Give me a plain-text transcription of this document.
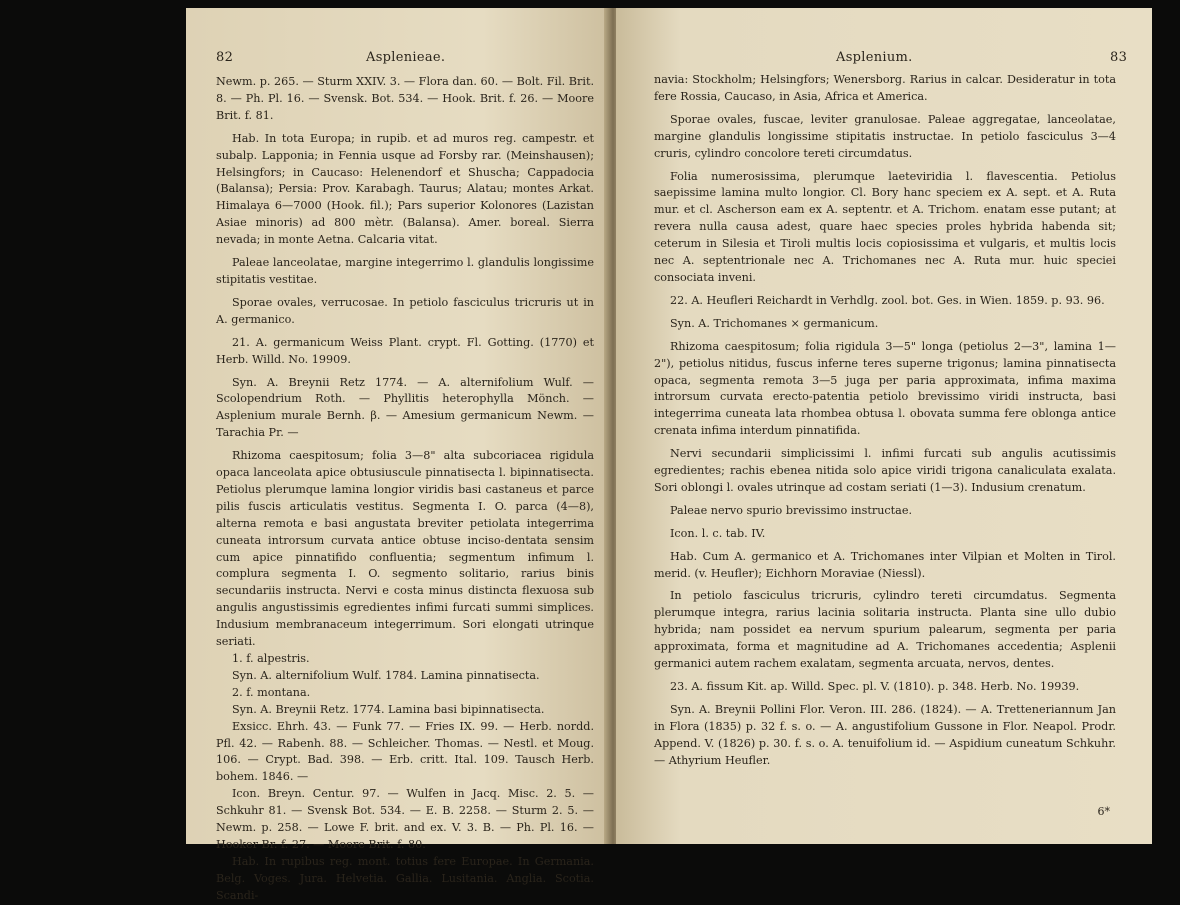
82	Asplenieae.

Newm. p. 265. — Sturm XXIV. 3. — Flora dan. 60. — Bolt. Fil. Brit. 8. — Ph. Pl. 16. — Svensk. Bot. 534. — Hook. Brit. f. 26. — Moore Brit. f. 81.

Hab. In tota Europa; in rupib. et ad muros reg. campestr. et subalp. Lapponia; in Fennia usque ad Forsby rar. (Meinshausen); Helsingfors; in Caucaso: Helenendorf et Shuscha; Cappadocia (Balansa); Persia: Prov. Karabagh. Taurus; Alatau; montes Arkat. Himalaya 6—7000 (Hook. fil.); Pars superior Kolonores (Lazistan Asiae minoris) ad 800 mètr. (Balansa). Amer. boreal. Sierra nevada; in monte Aetna. Calcaria vitat.

Paleae lanceolatae, margine integerrimo l. glandulis longissime stipitatis vestitae.

Sporae ovales, verrucosae. In petiolo fasciculus tricruris ut in A. germanico.

21. A. germanicum Weiss Plant. crypt. Fl. Gotting. (1770) et Herb. Willd. No. 19909.

Syn. A. Breynii Retz 1774. — A. alternifolium Wulf. — Scolopendrium Roth. — Phyllitis heterophylla Mönch. — Asplenium murale Bernh. β. — Amesium germanicum Newm. — Tarachia Pr. —

Rhizoma caespitosum; folia 3—8" alta subcoriacea rigidula opaca lanceolata apice obtusiuscule pinnatisecta l. bipinnatisecta. Petiolus plerumque lamina longior viridis basi castaneus et parce pilis fuscis articulatis vestitus. Segmenta I. O. parca (4—8), alterna remota e basi angustata breviter petiolata integerrima cuneata introrsum curvata antice obtuse inciso-dentata sensim cum apice pinnatifido confluentia; segmentum infimum l. complura segmenta I. O. segmento solitario, rarius binis secundariis instructa. Nervi e costa minus distincta flexuosa sub angulis angustissimis egredientes infimi furcati summi simplices. Indusium membranaceum integerrimum. Sori elongati utrinque seriati.

1. f. alpestris.

Syn. A. alternifolium Wulf. 1784. Lamina pinnatisecta.

2. f. montana.

Syn. A. Breynii Retz. 1774. Lamina basi bipinnatisecta.

Exsicc. Ehrh. 43. — Funk 77. — Fries IX. 99. — Herb. nordd. Pfl. 42. — Rabenh. 88. — Schleicher. Thomas. — Nestl. et Moug. 106. — Crypt. Bad. 398. — Erb. critt. Ital. 109. Tausch Herb. bohem. 1846. —

Icon. Breyn. Centur. 97. — Wulfen in Jacq. Misc. 2. 5. — Schkuhr 81. — Svensk Bot. 534. — E. B. 2258. — Sturm 2. 5. — Newm. p. 258. — Lowe F. brit. and ex. V. 3. B. — Ph. Pl. 16. — Hooker Br. f. 27. — Moore Brit. f. 80.

Hab. In rupibus reg. mont. totius fere Europae. In Germania. Belg. Voges. Jura. Helvetia. Gallia. Lusitania. Anglia. Scotia. Scandi-

Asplenium.	83

navia: Stockholm; Helsingfors; Wenersborg. Rarius in calcar. Desideratur in tota fere Rossia, Caucaso, in Asia, Africa et America.

Sporae ovales, fuscae, leviter granulosae. Paleae aggregatae, lanceolatae, margine glandulis longissime stipitatis instructae. In petiolo fasciculus 3—4 cruris, cylindro concolore tereti circumdatus.

Folia numerosissima, plerumque laeteviridia l. flavescentia. Petiolus saepissime lamina multo longior. Cl. Bory hanc speciem ex A. sept. et A. Ruta mur. et cl. Ascherson eam ex A. septentr. et A. Trichom. enatam esse putant; at revera nulla causa adest, quare haec species proles hybrida habenda sit; ceterum in Silesia et Tiroli multis locis copiosissima et vulgaris, et multis locis nec A. septentrionale nec A. Trichomanes nec A. Ruta mur. huic speciei consociata inveni.

22. A. Heufleri Reichardt in Verhdlg. zool. bot. Ges. in Wien. 1859. p. 93. 96.

Syn. A. Trichomanes × germanicum.

Rhizoma caespitosum; folia rigidula 3—5" longa (petiolus 2—3", lamina 1—2"), petiolus nitidus, fuscus inferne teres superne trigonus; lamina pinnatisecta opaca, segmenta remota 3—5 juga per paria approximata, infima maxima introrsum curvata erecto-patentia petiolo brevissimo viridi instructa, basi integerrima cuneata lata rhombea obtusa l. obovata summa fere oblonga antice crenata infima interdum pinnatifida.

Nervi secundarii simplicissimi l. infimi furcati sub angulis acutissimis egredientes; rachis ebenea nitida solo apice viridi trigona canaliculata exalata. Sori oblongi l. ovales utrinque ad costam seriati (1—3). Indusium crenatum.

Paleae nervo spurio brevissimo instructae.

Icon. l. c. tab. IV.

Hab. Cum A. germanico et A. Trichomanes inter Vilpian et Molten in Tirol. merid. (v. Heufler); Eichhorn Moraviae (Niessl).

In petiolo fasciculus tricruris, cylindro tereti circumdatus. Segmenta plerumque integra, rarius lacinia solitaria instructa. Planta sine ullo dubio hybrida; nam possidet ea nervum spurium palearum, segmenta per paria approximata, forma et magnitudine ad A. Trichomanes accedentia; Asplenii germanici autem rachem exalatam, segmenta arcuata, nervos, dentes.

23. A. fissum Kit. ap. Willd. Spec. pl. V. (1810). p. 348. Herb. No. 19939.

Syn. A. Breynii Pollini Flor. Veron. III. 286. (1824). — A. Tretteneriannum Jan in Flora (1835) p. 32 f. s. o. — A. angustifolium Gussone in Flor. Neapol. Prodr. Append. V. (1826) p. 30. f. s. o. A. tenuifolium id. — Aspidium cuneatum Schkuhr. — Athyrium Heufler.

6*
